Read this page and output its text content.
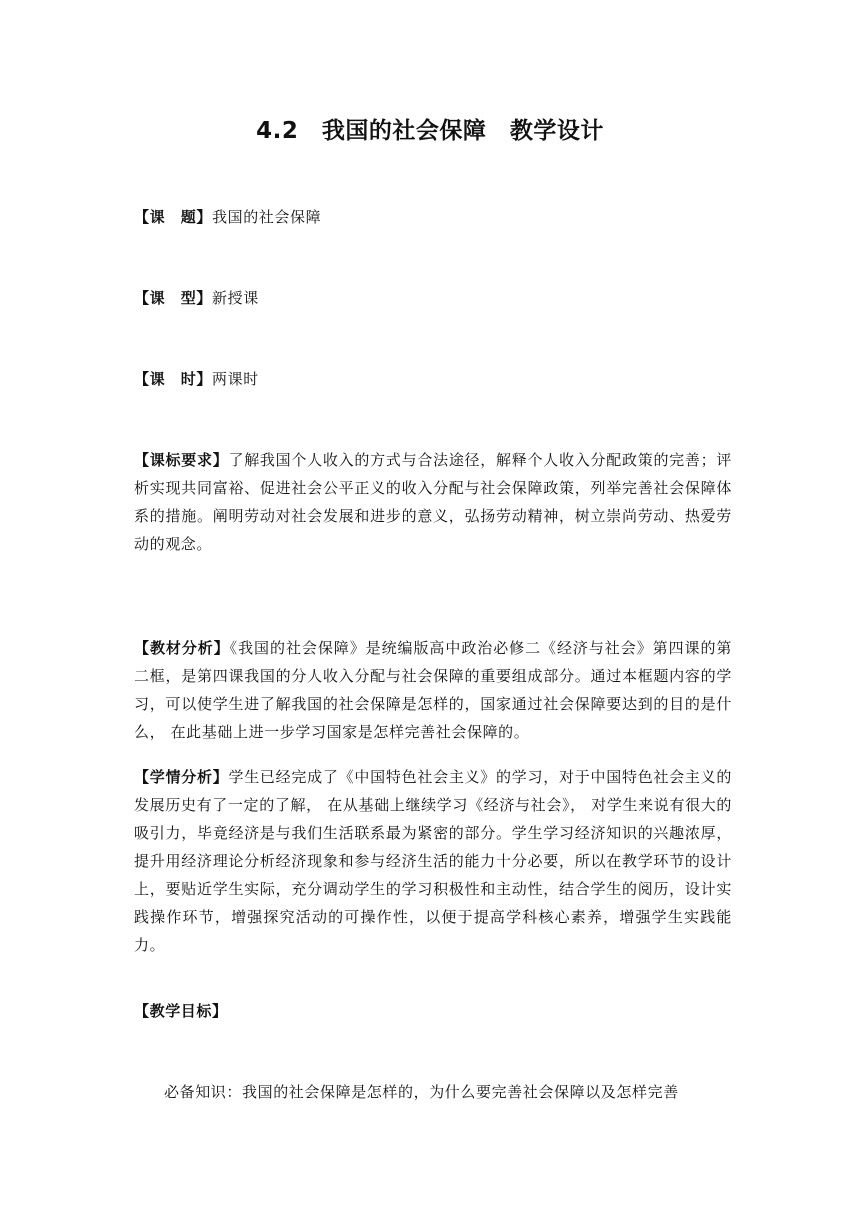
4.2　我国的社会保障　教学设计
【课　题】我国的社会保障
【课　型】新授课
【课　时】两课时
【课标要求】了解我国个人收入的方式与合法途径，解释个人收入分配政策的完善；评析实现共同富裕、促进社会公平正义的收入分配与社会保障政策，列举完善社会保障体系的措施。阐明劳动对社会发展和进步的意义，弘扬劳动精神，树立崇尚劳动、热爱劳动的观念。
【教材分析】《我国的社会保障》是统编版高中政治必修二《经济与社会》第四课的第二框，是第四课我国的分人收入分配与社会保障的重要组成部分。通过本框题内容的学习，可以使学生进了解我国的社会保障是怎样的，国家通过社会保障要达到的目的是什么， 在此基础上进一步学习国家是怎样完善社会保障的。
【学情分析】学生已经完成了《中国特色社会主义》的学习，对于中国特色社会主义的发展历史有了一定的了解， 在从基础上继续学习《经济与社会》， 对学生来说有很大的吸引力，毕竟经济是与我们生活联系最为紧密的部分。学生学习经济知识的兴趣浓厚，提升用经济理论分析经济现象和参与经济生活的能力十分必要，所以在教学环节的设计上，要贴近学生实际，充分调动学生的学习积极性和主动性，结合学生的阅历，设计实践操作环节，增强探究活动的可操作性，以便于提高学科核心素养，增强学生实践能力。
【教学目标】
必备知识：我国的社会保障是怎样的，为什么要完善社会保障以及怎样完善
